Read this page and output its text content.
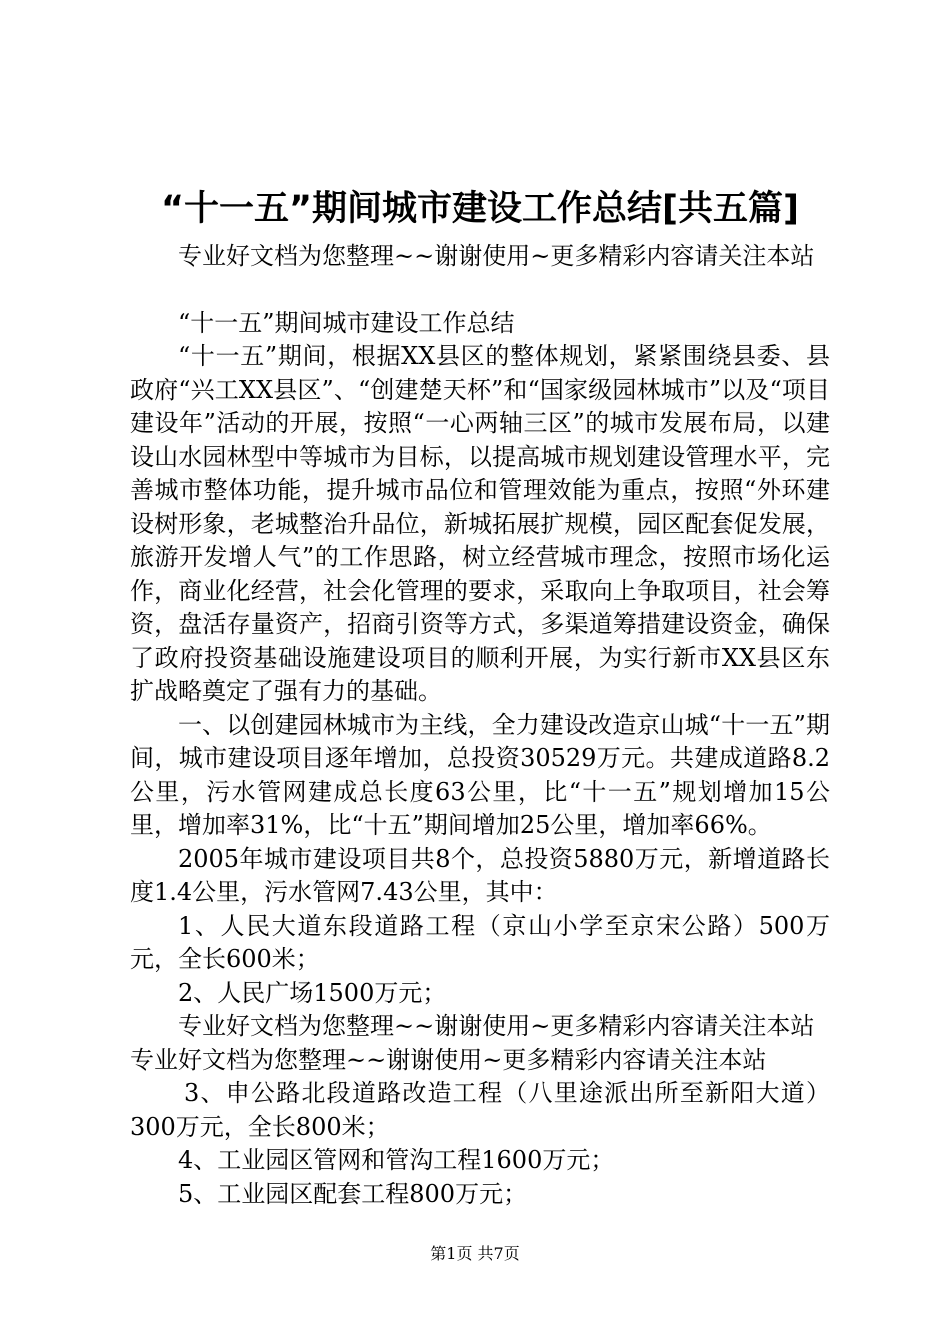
“十一五”期间城市建设工作总结[共五篇]

专业好文档为您整理~~谢谢使用~更多精彩内容请关注本站

“十一五”期间城市建设工作总结

“十一五”期间，根据XX县区的整体规划，紧紧围绕县委、县政府“兴工XX县区”、“创建楚天杯”和“国家级园林城市”以及“项目建设年”活动的开展，按照“一心两轴三区”的城市发展布局，以建设山水园林型中等城市为目标，以提高城市规划建设管理水平，完善城市整体功能，提升城市品位和管理效能为重点，按照“外环建设树形象，老城整治升品位，新城拓展扩规模，园区配套促发展，旅游开发增人气”的工作思路，树立经营城市理念，按照市场化运作，商业化经营，社会化管理的要求，采取向上争取项目，社会筹资，盘活存量资产，招商引资等方式，多渠道筹措建设资金，确保了政府投资基础设施建设项目的顺利开展，为实行新市XX县区东扩战略奠定了强有力的基础。

一、以创建园林城市为主线，全力建设改造京山城“十一五”期间，城市建设项目逐年增加，总投资30529万元。共建成道路8.2公里，污水管网建成总长度63公里，比“十一五”规划增加15公里，增加率31%，比“十五”期间增加25公里，增加率66%。

2005年城市建设项目共8个，总投资5880万元，新增道路长度1.4公里，污水管网7.43公里，其中：

1、人民大道东段道路工程（京山小学至京宋公路）500万元，全长600米；

2、人民广场1500万元；

专业好文档为您整理~~谢谢使用~更多精彩内容请关注本站

专业好文档为您整理~~谢谢使用~更多精彩内容请关注本站

3、申公路北段道路改造工程（八里途派出所至新阳大道）300万元，全长800米；

4、工业园区管网和管沟工程1600万元；

5、工业园区配套工程800万元；

第1页 共7页
